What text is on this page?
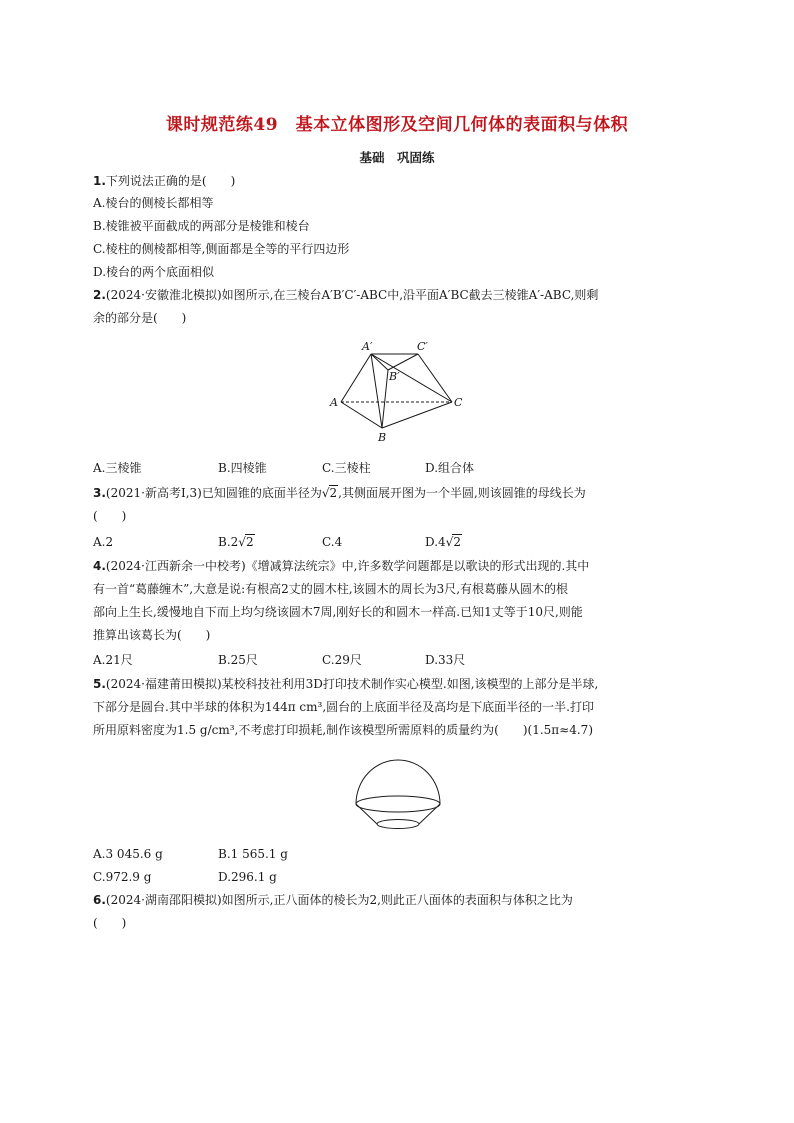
课时规范练49　基本立体图形及空间几何体的表面积与体积
基础　巩固练
1.下列说法正确的是(　　)
A.棱台的侧棱长都相等
B.棱锥被平面截成的两部分是棱锥和棱台
C.棱柱的侧棱都相等,侧面都是全等的平行四边形
D.棱台的两个底面相似
2.(2024·安徽淮北模拟)如图所示,在三棱台A′B′C′-ABC中,沿平面A′BC截去三棱锥A′-ABC,则剩
余的部分是(　　)
A′	C′
B′
A
B
C
A.三棱锥	B.四棱锥	C.三棱柱	D.组合体
3.(2021·新高考Ⅰ,3)已知圆锥的底面半径为√2,其侧面展开图为一个半圆,则该圆锥的母线长为
(　　)
A.2	B.2√2	C.4	D.4√2
4.(2024·江西新余一中校考)《增减算法统宗》中,许多数学问题都是以歌诀的形式出现的.其中
有一首“葛藤缠木”,大意是说:有根高2丈的圆木柱,该圆木的周长为3尺,有根葛藤从圆木的根
部向上生长,缓慢地自下而上均匀绕该圆木7周,刚好长的和圆木一样高.已知1丈等于10尺,则能
推算出该葛长为(　　)
A.21尺	B.25尺	C.29尺	D.33尺
5.(2024·福建莆田模拟)某校科技社利用3D打印技术制作实心模型.如图,该模型的上部分是半球,
下部分是圆台.其中半球的体积为144π cm³,圆台的上底面半径及高均是下底面半径的一半.打印
所用原料密度为1.5 g/cm³,不考虑打印损耗,制作该模型所需原料的质量约为(　　)(1.5π≈4.7)
A.3 045.6 g	B.1 565.1 g
C.972.9 g	D.296.1 g
6.(2024·湖南邵阳模拟)如图所示,正八面体的棱长为2,则此正八面体的表面积与体积之比为
(　　)
